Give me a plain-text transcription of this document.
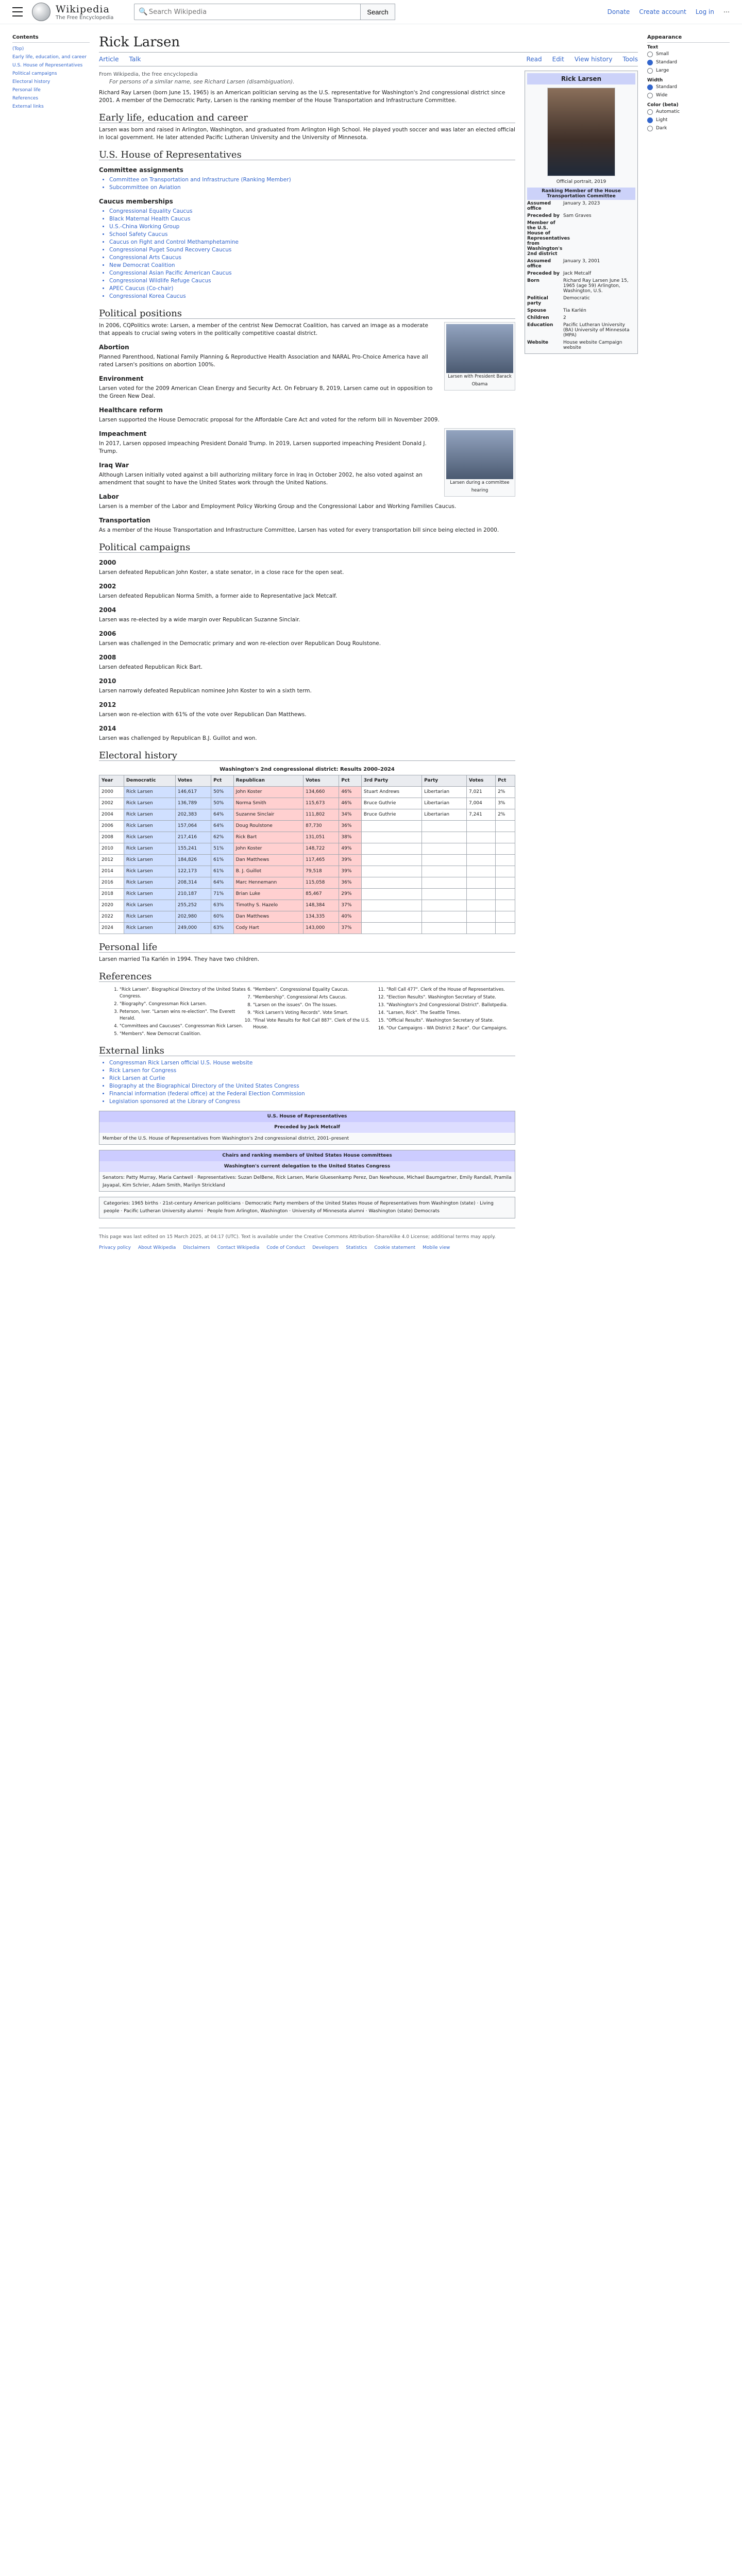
Wikipedia
The Free Encyclopedia
🔍
Search Wikipedia	Search	Donate Create account Log in ⋯
Contents
(Top)
Early life, education, and career
U.S. House of Representatives
Political campaigns
Electoral history
Personal life
References
External links
Rick Larsen
Article Talk	Read Edit View history Tools
From Wikipedia, the free encyclopedia
For persons of a similar name, see Richard Larsen (disambiguation).

Richard Ray Larsen (born June 15, 1965) is an American politician serving as the U.S. representative for Washington's 2nd congressional district since 2001. A member of the Democratic Party, Larsen is the ranking member of the House Transportation and Infrastructure Committee.

Early life, education and career

Larsen was born and raised in Arlington, Washington, and graduated from Arlington High School. He played youth soccer and was later an elected official in local government. He later attended Pacific Lutheran University and the University of Minnesota.

U.S. House of Representatives
Committee assignments
• Committee on Transportation and Infrastructure (Ranking Member)
• Subcommittee on Aviation
Caucus memberships
• Congressional Equality Caucus
• Black Maternal Health Caucus
• U.S.-China Working Group
• School Safety Caucus
• Caucus on Fight and Control Methamphetamine
• Congressional Puget Sound Recovery Caucus
• Congressional Arts Caucus
• New Democrat Coalition
• Congressional Asian Pacific American Caucus
• Congressional Wildlife Refuge Caucus
• APEC Caucus (Co-chair)
• Congressional Korea Caucus
Political positions
Larsen with President Barack Obama

In 2006, CQPolitics wrote: Larsen, a member of the centrist New Democrat Coalition, has carved an image as a moderate that appeals to crucial swing voters in the politically competitive coastal district.

Abortion

Planned Parenthood, National Family Planning & Reproductive Health Association and NARAL Pro-Choice America have all rated Larsen's positions on abortion 100%.

Environment

Larsen voted for the 2009 American Clean Energy and Security Act. On February 8, 2019, Larsen came out in opposition to the Green New Deal.

Healthcare reform

Larsen supported the House Democratic proposal for the Affordable Care Act and voted for the reform bill in November 2009.

Larsen during a committee hearing
Impeachment

In 2017, Larsen opposed impeaching President Donald Trump. In 2019, Larsen supported impeaching President Donald J. Trump.

Iraq War

Although Larsen initially voted against a bill authorizing military force in Iraq in October 2002, he also voted against an amendment that sought to have the United States work through the United Nations.

Labor

Larsen is a member of the Labor and Employment Policy Working Group and the Congressional Labor and Working Families Caucus.

Transportation

As a member of the House Transportation and Infrastructure Committee, Larsen has voted for every transportation bill since being elected in 2000.

Political campaigns
2000

Larsen defeated Republican John Koster, a state senator, in a close race for the open seat.

2002

Larsen defeated Republican Norma Smith, a former aide to Representative Jack Metcalf.

2004

Larsen was re-elected by a wide margin over Republican Suzanne Sinclair.

2006

Larsen was challenged in the Democratic primary and won re-election over Republican Doug Roulstone.

2008

Larsen defeated Republican Rick Bart.

2010

Larsen narrowly defeated Republican nominee John Koster to win a sixth term.

2012

Larsen won re-election with 61% of the vote over Republican Dan Matthews.

2014

Larsen was challenged by Republican B.J. Guillot and won.

Electoral history
Washington's 2nd congressional district: Results 2000–2024
Year	Democratic	Votes	Pct	Republican	Votes	Pct	3rd Party	Party	Votes	Pct
2000	Rick Larsen	146,617	50%	John Koster	134,660	46%	Stuart Andrews	Libertarian	7,021	2%
2002	Rick Larsen	136,789	50%	Norma Smith	115,673	46%	Bruce Guthrie	Libertarian	7,004	3%
2004	Rick Larsen	202,383	64%	Suzanne Sinclair	111,802	34%	Bruce Guthrie	Libertarian	7,241	2%
2006	Rick Larsen	157,064	64%	Doug Roulstone	87,730	36%				
2008	Rick Larsen	217,416	62%	Rick Bart	131,051	38%				
2010	Rick Larsen	155,241	51%	John Koster	148,722	49%				
2012	Rick Larsen	184,826	61%	Dan Matthews	117,465	39%				
2014	Rick Larsen	122,173	61%	B. J. Guillot	79,518	39%				
2016	Rick Larsen	208,314	64%	Marc Hennemann	115,058	36%				
2018	Rick Larsen	210,187	71%	Brian Luke	85,467	29%				
2020	Rick Larsen	255,252	63%	Timothy S. Hazelo	148,384	37%				
2022	Rick Larsen	202,980	60%	Dan Matthews	134,335	40%				
2024	Rick Larsen	249,000	63%	Cody Hart	143,000	37%				
Personal life

Larsen married Tia Karlén in 1994. They have two children.

References
1. "Rick Larsen". Biographical Directory of the United States Congress.
2. "Biography". Congressman Rick Larsen.
3. Peterson, Iver. "Larsen wins re-election". The Everett Herald.
4. "Committees and Caucuses". Congressman Rick Larsen.
5. "Members". New Democrat Coalition.
6. "Members". Congressional Equality Caucus.
7. "Membership". Congressional Arts Caucus.
8. "Larsen on the issues". On The Issues.
9. "Rick Larsen's Voting Records". Vote Smart.
10. "Final Vote Results for Roll Call 887". Clerk of the U.S. House.
11. "Roll Call 477". Clerk of the House of Representatives.
12. "Election Results". Washington Secretary of State.
13. "Washington's 2nd Congressional District". Ballotpedia.
14. "Larsen, Rick". The Seattle Times.
15. "Official Results". Washington Secretary of State.
16. "Our Campaigns - WA District 2 Race". Our Campaigns.
External links
• Congressman Rick Larsen official U.S. House website
• Rick Larsen for Congress
• Rick Larsen at Curlie
• Biography at the Biographical Directory of the United States Congress
• Financial information (federal office) at the Federal Election Commission
• Legislation sponsored at the Library of Congress
U.S. House of Representatives
Preceded by Jack Metcalf
Member of the U.S. House of Representatives from Washington's 2nd congressional district, 2001–present
Chairs and ranking members of United States House committees
Washington's current delegation to the United States Congress
Senators: Patty Murray, Maria Cantwell · Representatives: Suzan DelBene, Rick Larsen, Marie Gluesenkamp Perez, Dan Newhouse, Michael Baumgartner, Emily Randall, Pramila Jayapal, Kim Schrier, Adam Smith, Marilyn Strickland
Categories: 1965 births · 21st-century American politicians · Democratic Party members of the United States House of Representatives from Washington (state) · Living people · Pacific Lutheran University alumni · People from Arlington, Washington · University of Minnesota alumni · Washington (state) Democrats
This page was last edited on 15 March 2025, at 04:17 (UTC). Text is available under the Creative Commons Attribution-ShareAlike 4.0 License; additional terms may apply.
Privacy policy About Wikipedia Disclaimers Contact Wikipedia Code of Conduct Developers Statistics Cookie statement Mobile view
Rick Larsen
Official portrait, 2019
Ranking Member of the House Transportation Committee
Assumed office
January 3, 2023
Preceded by Sam Graves
Member of the U.S. House of Representatives from Washington's 2nd district
Assumed office
January 3, 2001
Preceded by Jack Metcalf
Born	Richard Ray Larsen June 15, 1965 (age 59) Arlington, Washington, U.S.
Political party
Democratic
Spouse	Tia Karlén
Children	2
Education	Pacific Lutheran University (BA) University of Minnesota (MPA)
Website	House website Campaign website
Appearance
Text
Small
Standard
Large
Width
Standard
Wide
Color (beta)
Automatic
Light
Dark
